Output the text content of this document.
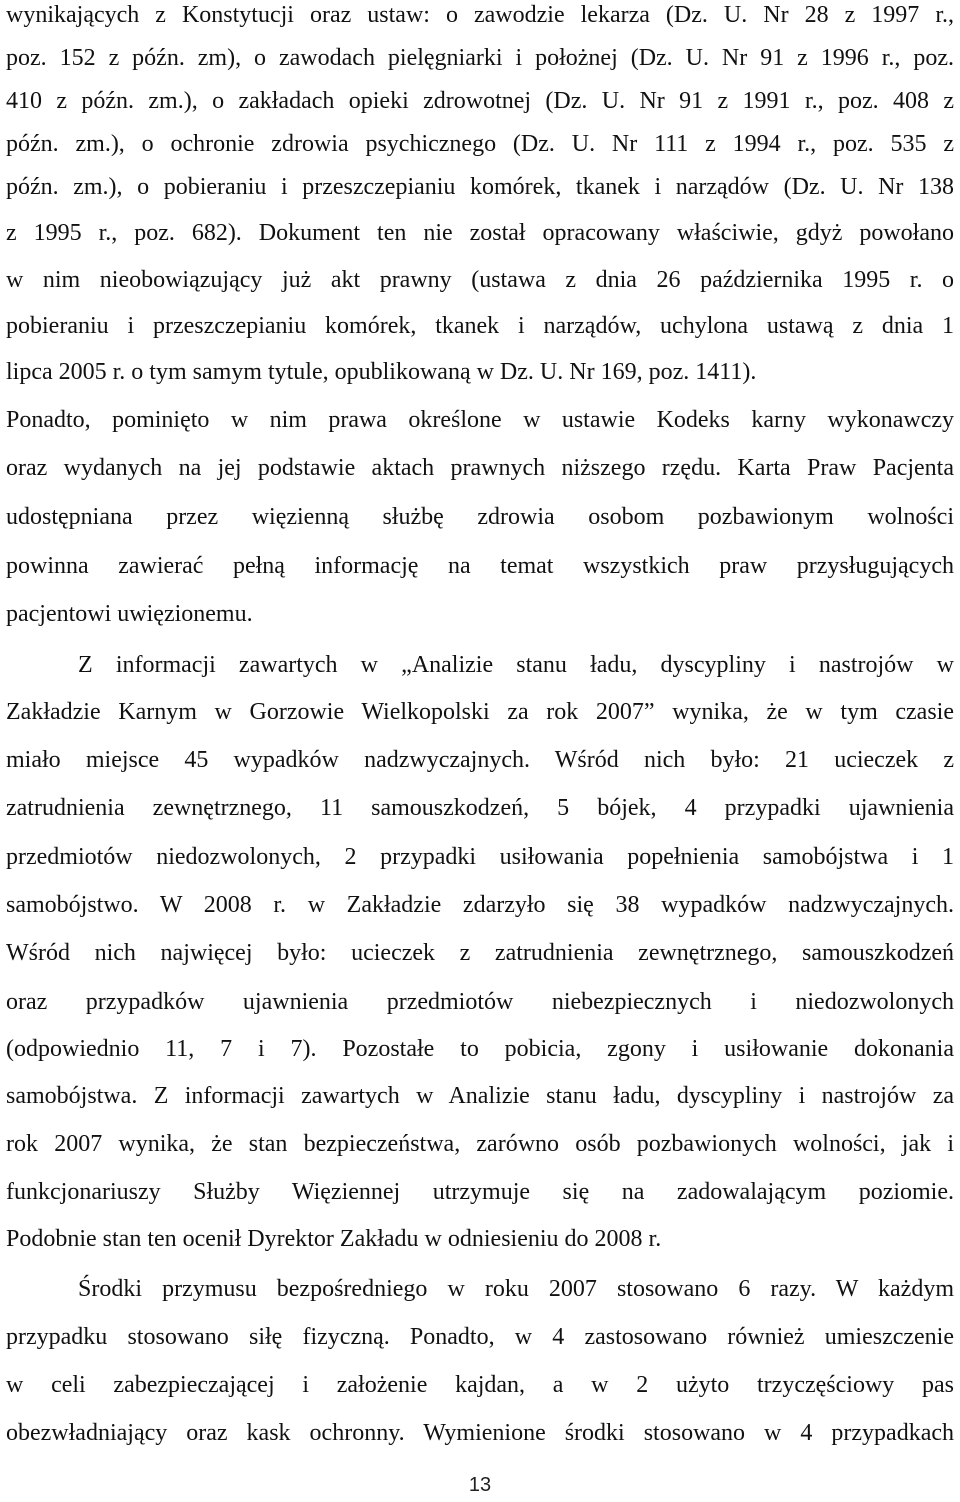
wynikających z Konstytucji oraz ustaw: o zawodzie lekarza (Dz. U. Nr 28 z 1997 r.,
poz. 152 z późn. zm), o zawodach pielęgniarki i położnej (Dz. U. Nr 91 z 1996 r., poz.
410 z późn. zm.), o zakładach opieki zdrowotnej (Dz. U. Nr 91 z 1991 r., poz. 408 z
późn. zm.), o ochronie zdrowia psychicznego (Dz. U. Nr 111 z 1994 r., poz. 535 z
późn. zm.), o pobieraniu i przeszczepianiu komórek, tkanek i narządów (Dz. U. Nr 138
z 1995 r., poz. 682). Dokument ten nie został opracowany właściwie, gdyż powołano
w nim nieobowiązujący już akt prawny (ustawa z dnia 26 października 1995 r. o
pobieraniu i przeszczepianiu komórek, tkanek i narządów, uchylona ustawą z dnia 1
lipca 2005 r. o tym samym tytule, opublikowaną w Dz. U. Nr 169, poz. 1411).
Ponadto, pominięto w nim prawa określone w ustawie Kodeks karny wykonawczy
oraz wydanych na jej podstawie aktach prawnych niższego rzędu. Karta Praw Pacjenta
udostępniana przez więzienną służbę zdrowia osobom pozbawionym wolności
powinna zawierać pełną informację na temat wszystkich praw przysługujących
pacjentowi uwięzionemu.
Z informacji zawartych w „Analizie stanu ładu, dyscypliny i nastrojów w
Zakładzie Karnym w Gorzowie Wielkopolski za rok 2007” wynika, że w tym czasie
miało miejsce 45 wypadków nadzwyczajnych. Wśród nich było: 21 ucieczek z
zatrudnienia zewnętrznego, 11 samouszkodzeń, 5 bójek, 4 przypadki ujawnienia
przedmiotów niedozwolonych, 2 przypadki usiłowania popełnienia samobójstwa i 1
samobójstwo. W 2008 r. w Zakładzie zdarzyło się 38 wypadków nadzwyczajnych.
Wśród nich najwięcej było: ucieczek z zatrudnienia zewnętrznego, samouszkodzeń
oraz przypadków ujawnienia przedmiotów niebezpiecznych i niedozwolonych
(odpowiednio 11, 7 i 7). Pozostałe to pobicia, zgony i usiłowanie dokonania
samobójstwa. Z informacji zawartych w Analizie stanu ładu, dyscypliny i nastrojów za
rok 2007 wynika, że stan bezpieczeństwa, zarówno osób pozbawionych wolności, jak i
funkcjonariuszy Służby Więziennej utrzymuje się na zadowalającym poziomie.
Podobnie stan ten ocenił Dyrektor Zakładu w odniesieniu do 2008 r.
Środki przymusu bezpośredniego w roku 2007 stosowano 6 razy. W każdym
przypadku stosowano siłę fizyczną. Ponadto, w 4 zastosowano również umieszczenie
w celi zabezpieczającej i założenie kajdan, a w 2 użyto trzyczęściowy pas
obezwładniający oraz kask ochronny. Wymienione środki stosowano w 4 przypadkach
13
